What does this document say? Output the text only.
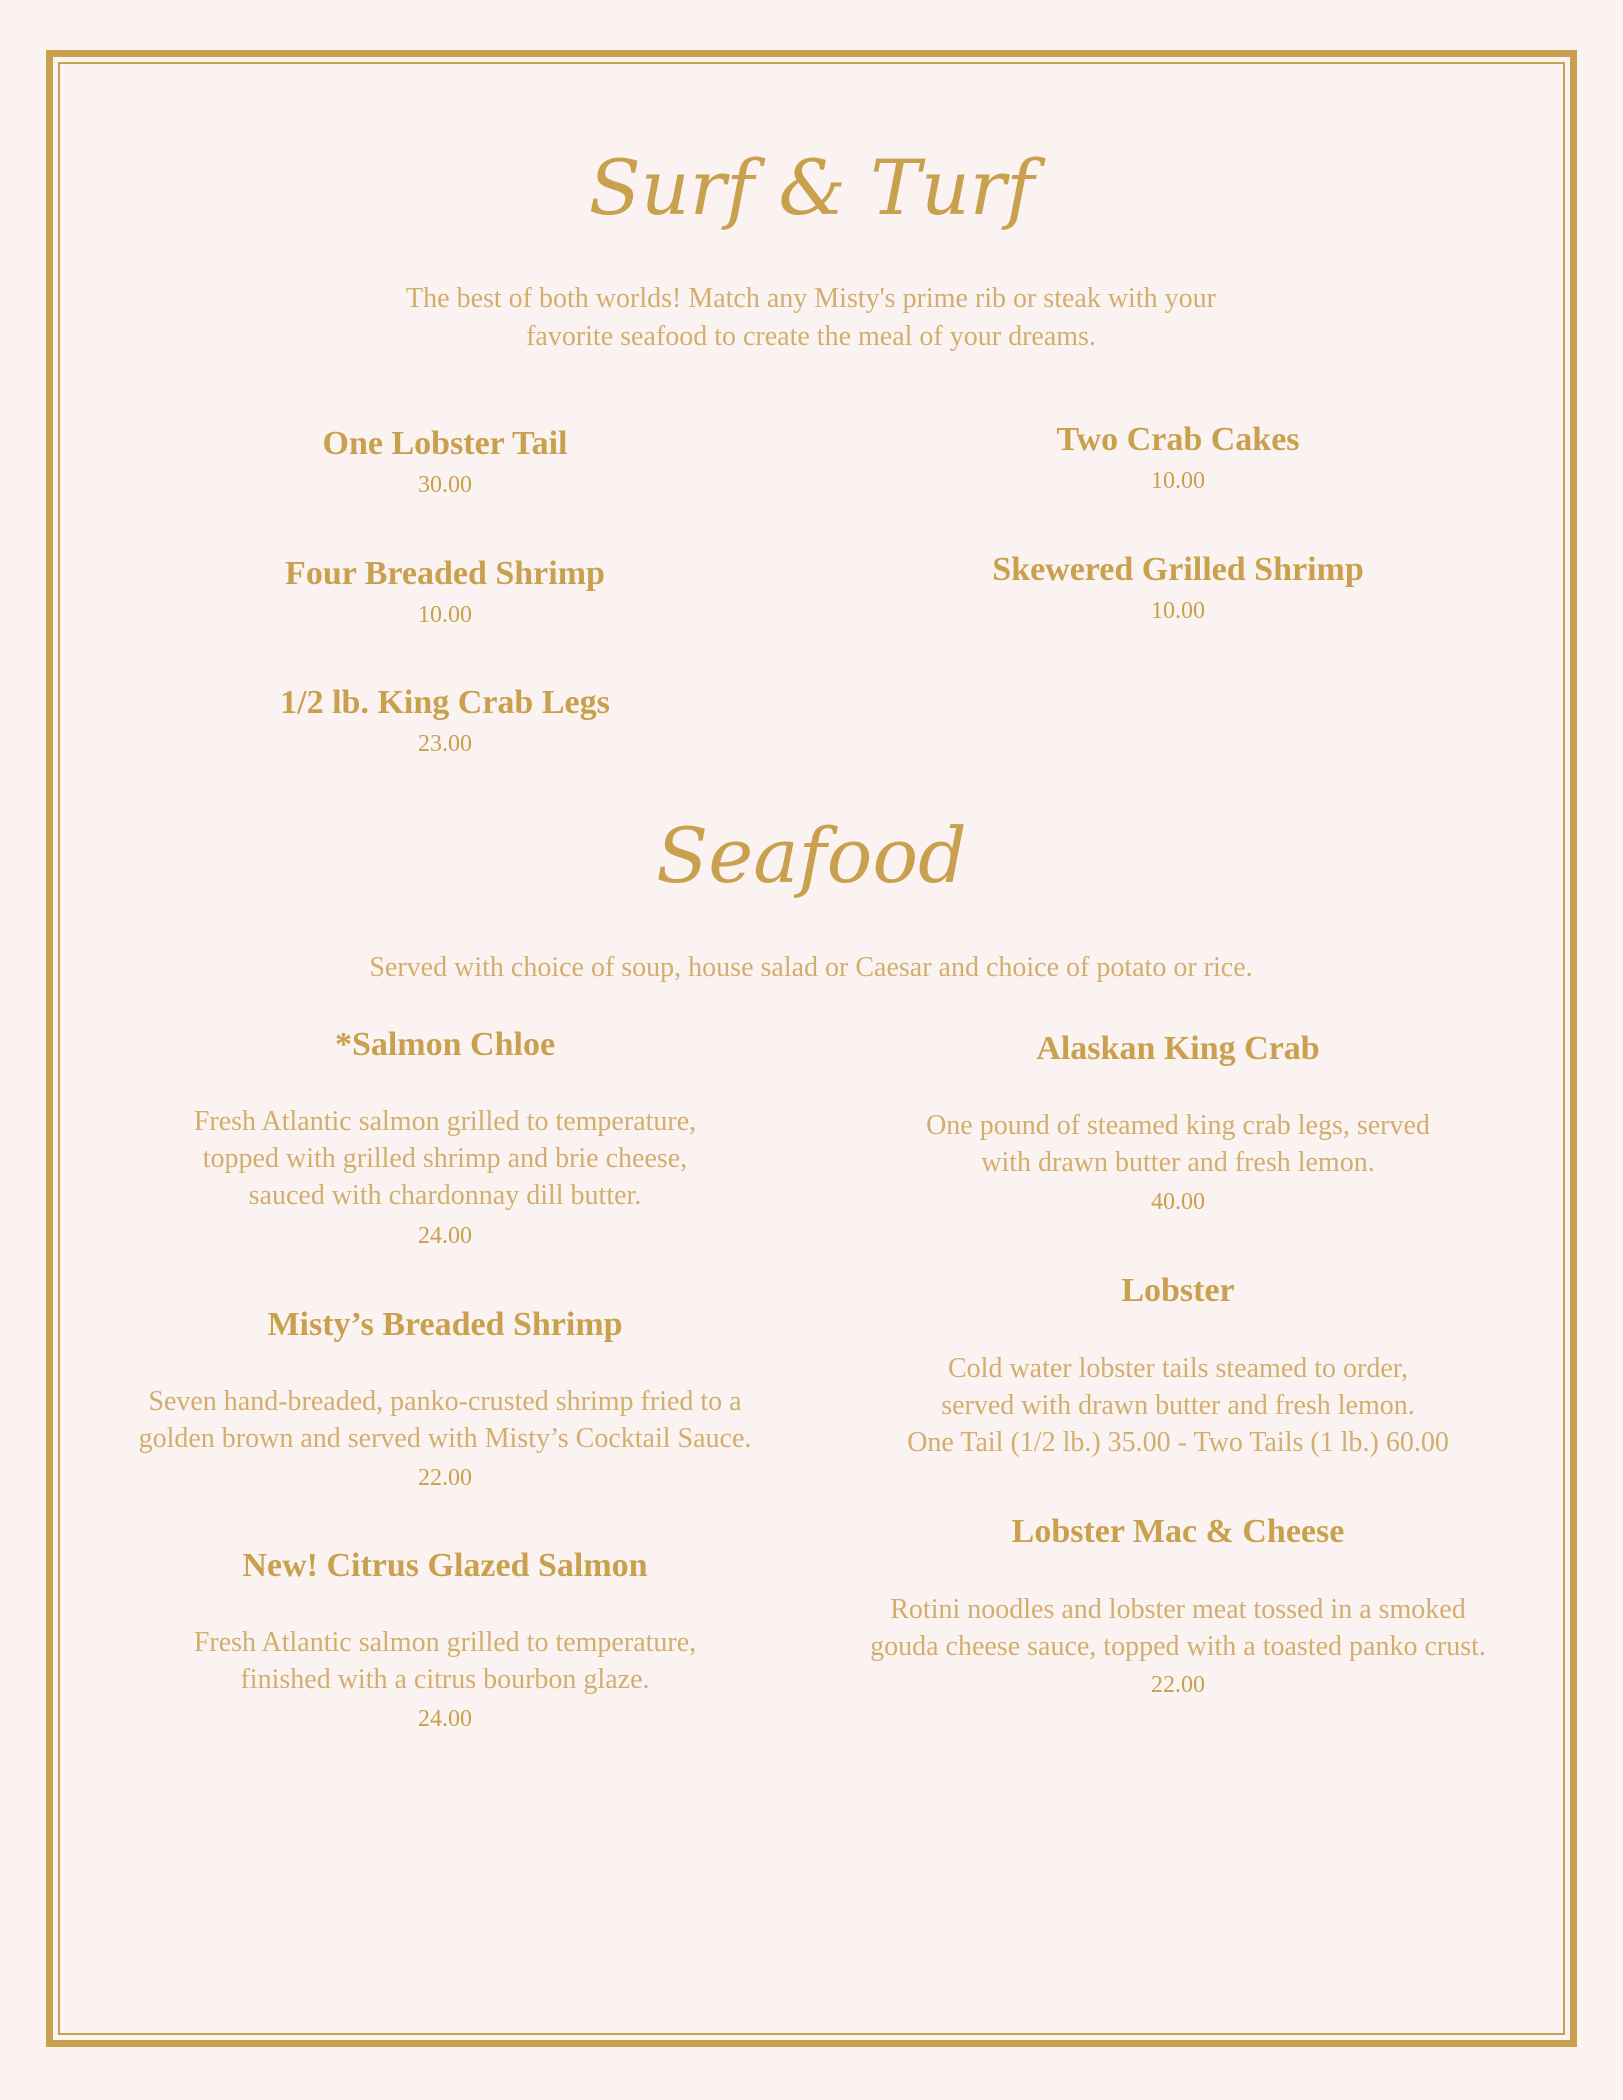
Surf & Turf
The best of both worlds! Match any Misty's prime rib or steak with your
favorite seafood to create the meal of your dreams.
One Lobster Tail
30.00
Four Breaded Shrimp
10.00
1/2 lb. King Crab Legs
23.00
Two Crab Cakes
10.00
Skewered Grilled Shrimp
10.00
Seafood
Served with choice of soup, house salad or Caesar and choice of potato or rice.
*Salmon Chloe
Fresh Atlantic salmon grilled to temperature,
topped with grilled shrimp and brie cheese,
sauced with chardonnay dill butter.
24.00
Misty’s Breaded Shrimp
Seven hand-breaded, panko-crusted shrimp fried to a
golden brown and served with Misty’s Cocktail Sauce.
22.00
New! Citrus Glazed Salmon
Fresh Atlantic salmon grilled to temperature,
finished with a citrus bourbon glaze.
24.00
Alaskan King Crab
One pound of steamed king crab legs, served
with drawn butter and fresh lemon.
40.00
Lobster
Cold water lobster tails steamed to order,
served with drawn butter and fresh lemon.
One Tail (1/2 lb.) 35.00 - Two Tails (1 lb.) 60.00
Lobster Mac & Cheese
Rotini noodles and lobster meat tossed in a smoked
gouda cheese sauce, topped with a toasted panko crust.
22.00
